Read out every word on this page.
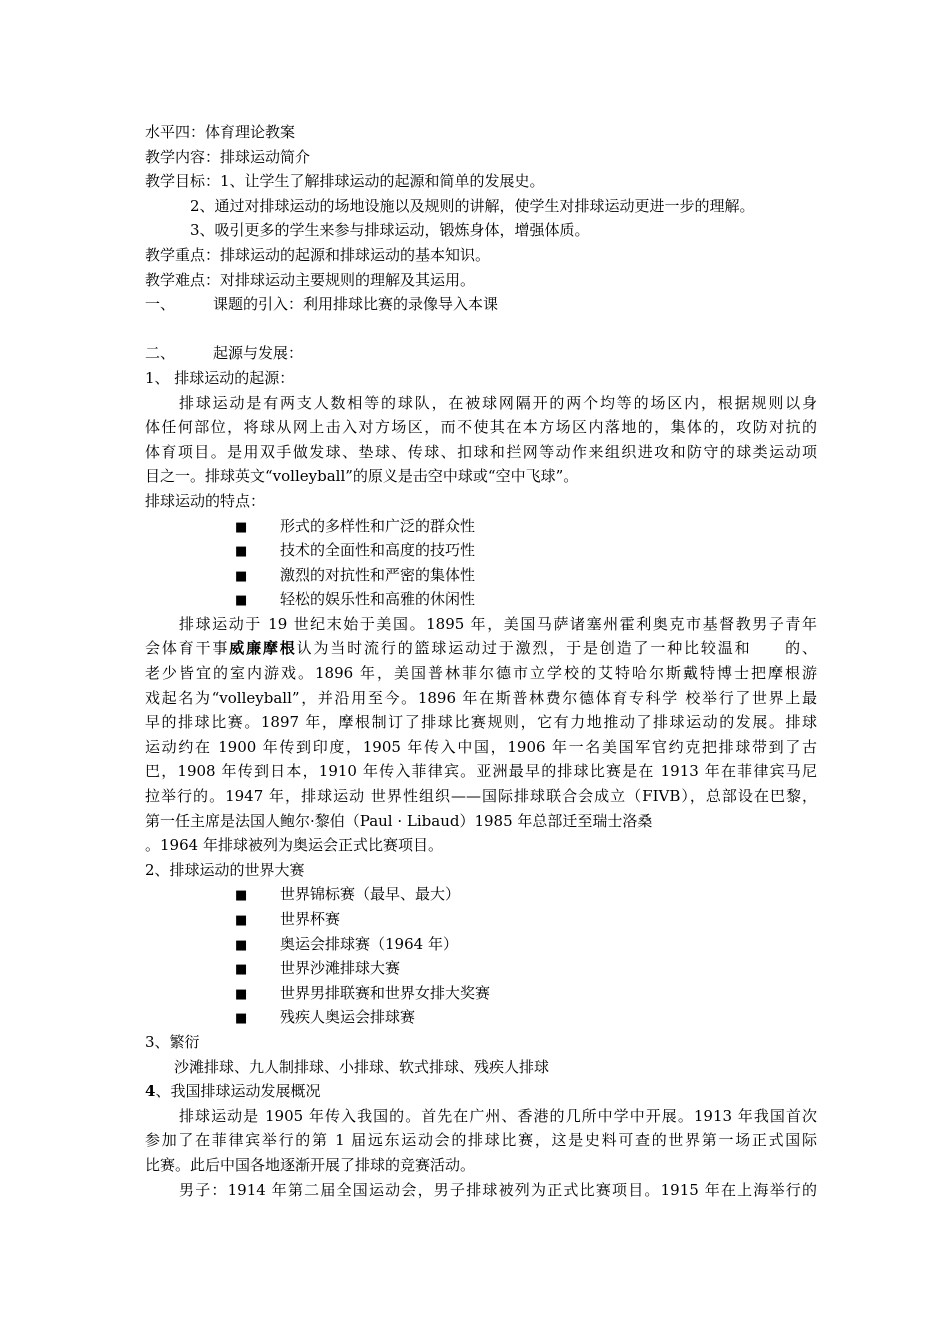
水平四：体育理论教案
教学内容：排球运动简介
教学目标：1、让学生了解排球运动的起源和简单的发展史。
2、通过对排球运动的场地设施以及规则的讲解，使学生对排球运动更进一步的理解。
3、吸引更多的学生来参与排球运动，锻炼身体，增强体质。
教学重点：排球运动的起源和排球运动的基本知识。
教学难点：对排球运动主要规则的理解及其运用。
一、	课题的引入：利用排球比赛的录像导入本课
二、	起源与发展：
1、 排球运动的起源：
排球运动是有两支人数相等的球队，在被球网隔开的两个均等的场区内，根据规则以身
体任何部位，将球从网上击入对方场区，而不使其在本方场区内落地的，集体的，攻防对抗的
体育项目。是用双手做发球、垫球、传球、扣球和拦网等动作来组织进攻和防守的球类运动项
目之一。排球英文“volleyball”的原义是击空中球或“空中飞球”。
排球运动的特点：
■ 形式的多样性和广泛的群众性
■ 技术的全面性和高度的技巧性
■ 激烈的对抗性和严密的集体性
■ 轻松的娱乐性和高雅的休闲性
排球运动于 19 世纪末始于美国。1895 年，美国马萨诸塞州霍利奥克市基督教男子青年
会体育干事威廉摩根认为当时流行的篮球运动过于激烈，于是创造了一种比较温和　　的、
老少皆宜的室内游戏。1896 年，美国普林菲尔德市立学校的艾特哈尔斯戴特博士把摩根游
戏起名为“volleyball”，并沿用至今。1896 年在斯普林费尔德体育专科学 校举行了世界上最
早的排球比赛。1897 年，摩根制订了排球比赛规则，它有力地推动了排球运动的发展。排球
运动约在 1900 年传到印度，1905 年传入中国，1906 年一名美国军官约克把排球带到了古
巴，1908 年传到日本，1910 年传入菲律宾。亚洲最早的排球比赛是在 1913 年在菲律宾马尼
拉举行的。1947 年，排球运动 世界性组织——国际排球联合会成立（FIVB），总部设在巴黎，
第一任主席是法国人鲍尔·黎伯（Paul · Libaud）1985 年总部迁至瑞士洛桑
。1964 年排球被列为奥运会正式比赛项目。
2、排球运动的世界大赛
■ 世界锦标赛（最早、最大）
■ 世界杯赛
■ 奥运会排球赛（1964 年）
■ 世界沙滩排球大赛
■ 世界男排联赛和世界女排大奖赛
■ 残疾人奥运会排球赛
3、繁衍
沙滩排球、九人制排球、小排球、软式排球、残疾人排球
4、我国排球运动发展概况
排球运动是 1905 年传入我国的。首先在广州、香港的几所中学中开展。1913 年我国首次
参加了在菲律宾举行的第 1 届远东运动会的排球比赛，这是史料可查的世界第一场正式国际
比赛。此后中国各地逐渐开展了排球的竞赛活动。
男子：1914 年第二届全国运动会，男子排球被列为正式比赛项目。1915 年在上海举行的
